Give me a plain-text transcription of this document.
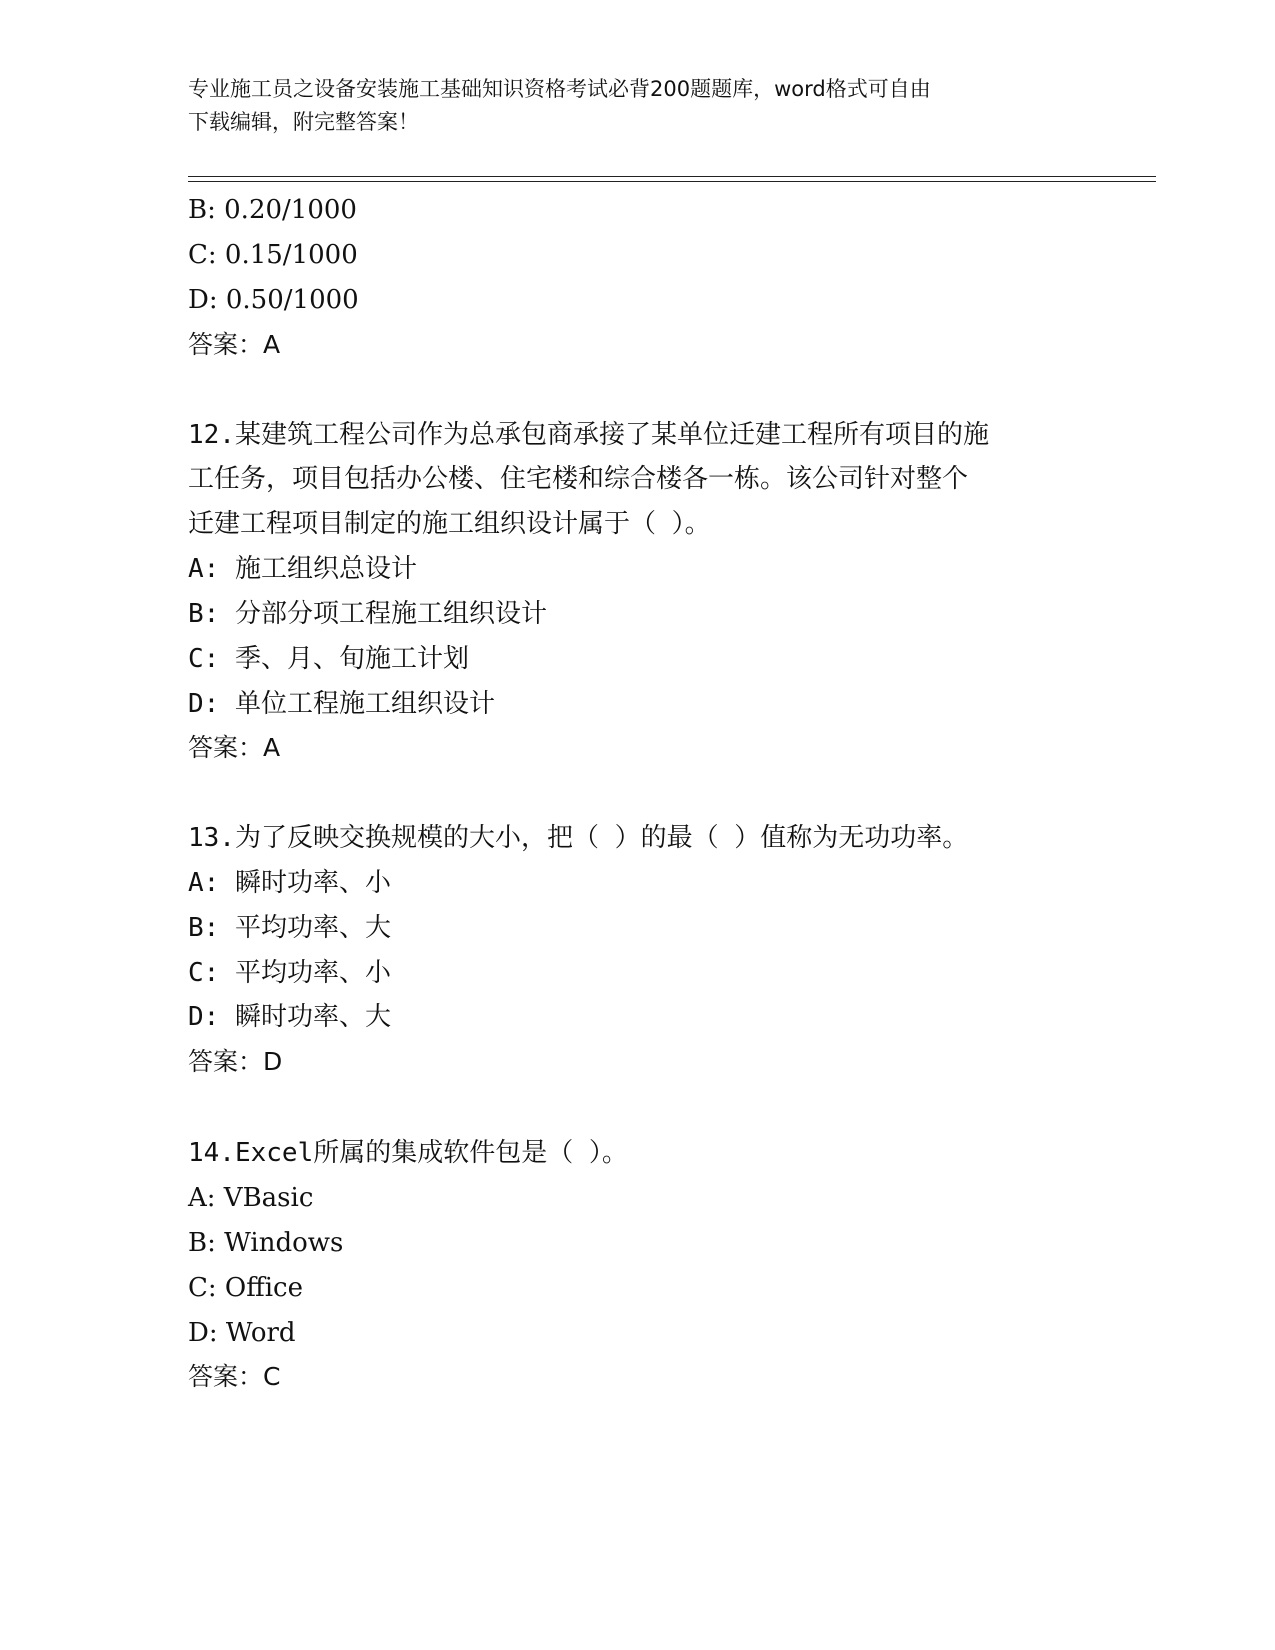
专业施工员之设备安装施工基础知识资格考试必背200题题库，word格式可自由
下载编辑，附完整答案！
B: 0.20/1000
C: 0.15/1000
D: 0.50/1000
答案：A
12.某建筑工程公司作为总承包商承接了某单位迁建工程所有项目的施
工任务，项目包括办公楼、住宅楼和综合楼各一栋。该公司针对整个
迁建工程项目制定的施工组织设计属于（ ）。
A: 施工组织总设计
B: 分部分项工程施工组织设计
C: 季、月、旬施工计划
D: 单位工程施工组织设计
答案：A
13.为了反映交换规模的大小，把（ ）的最（ ）值称为无功功率。
A: 瞬时功率、小
B: 平均功率、大
C: 平均功率、小
D: 瞬时功率、大
答案：D
14.Excel所属的集成软件包是（ ）。
A: VBasic
B: Windows
C: Office
D: Word
答案：C
